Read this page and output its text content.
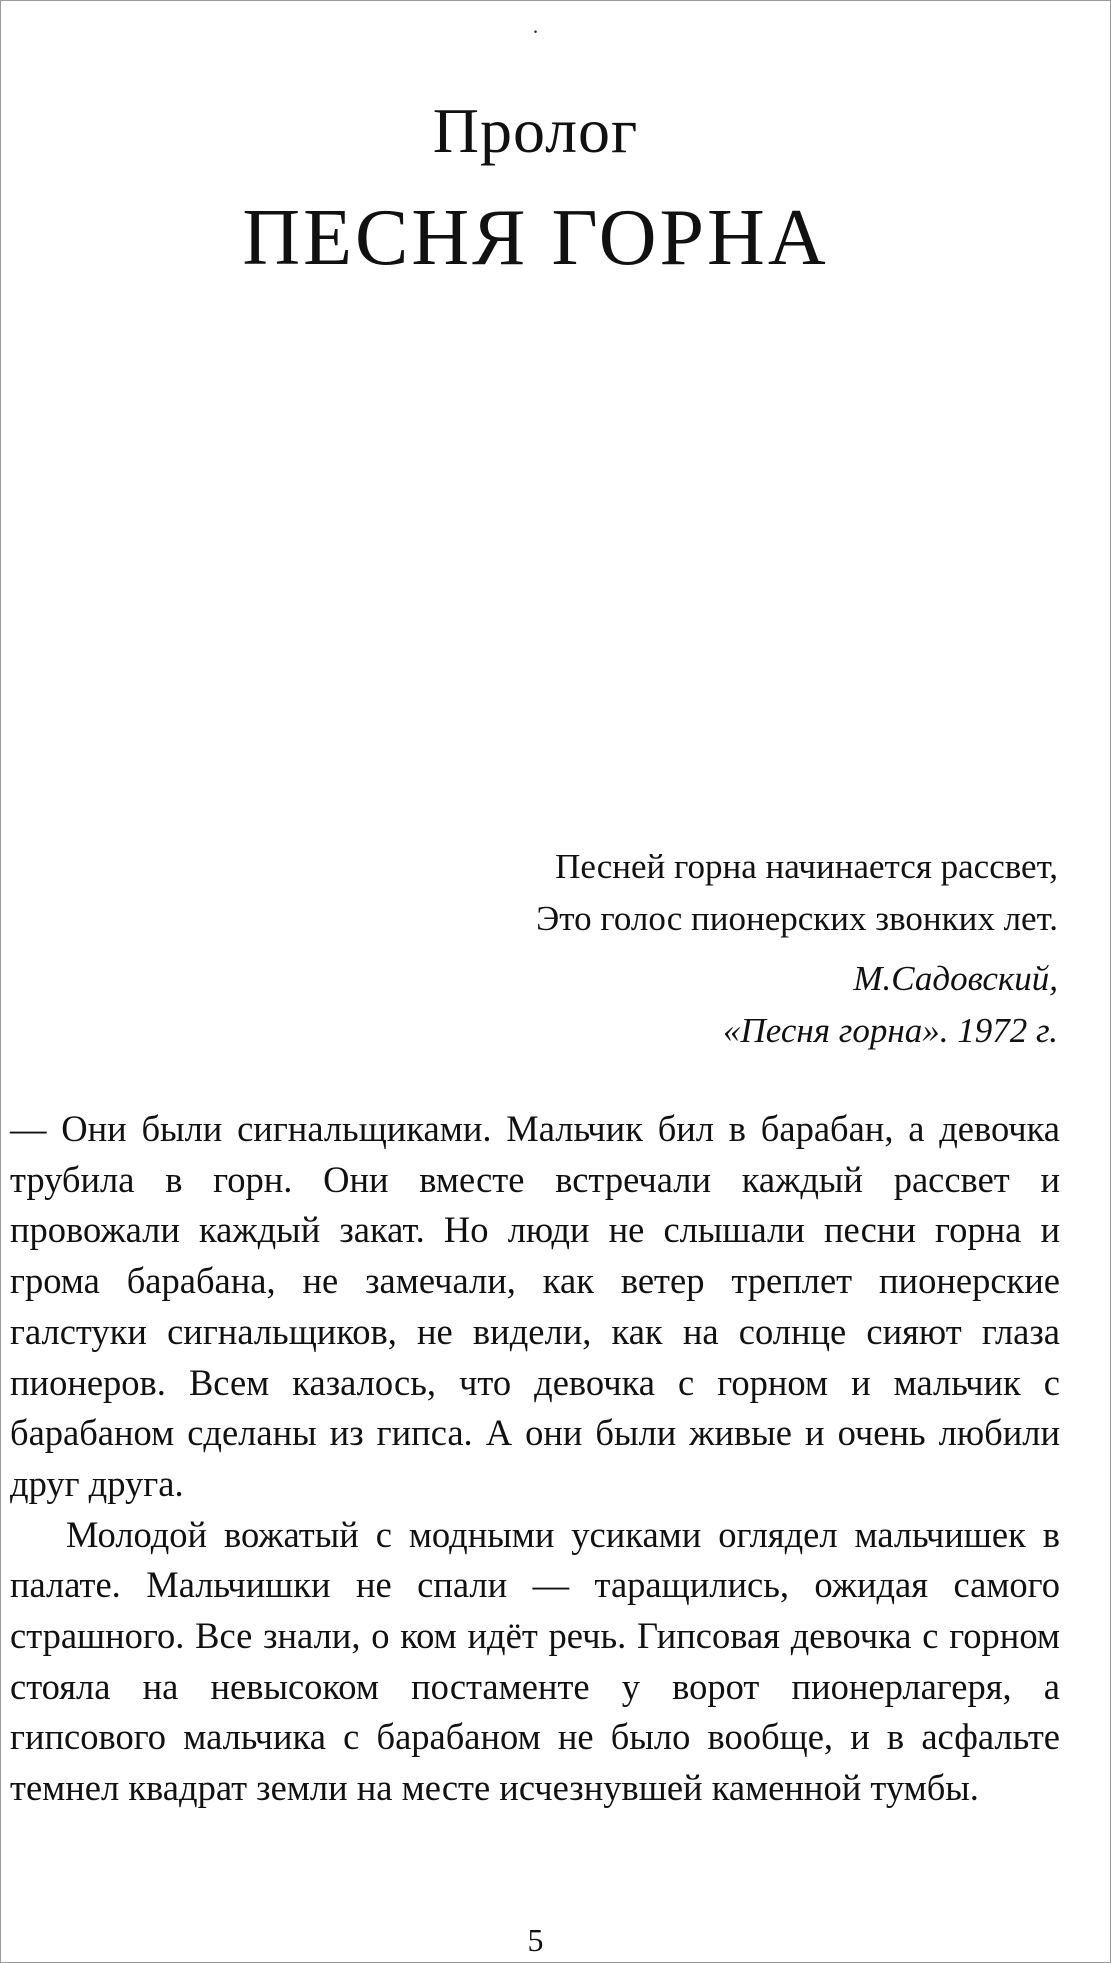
.
Пролог
ПЕСНЯ ГОРНА
Песней горна начинается рассвет,
Это голос пионерских звонких лет.
М.Садовский,
«Песня горна». 1972 г.

— Они были сигнальщиками. Мальчик бил в барабан, а девочка трубила в горн. Они вместе встречали каждый рассвет и провожали каждый закат. Но люди не слышали песни горна и грома барабана, не замечали, как ветер треплет пионерские галстуки сигнальщиков, не видели, как на солнце сияют глаза пионеров. Всем казалось, что девочка с горном и мальчик с барабаном сделаны из гипса. А они были живые и очень любили друг друга.

Молодой вожатый с модными усиками оглядел мальчишек в палате. Мальчишки не спали — таращились, ожидая самого страшного. Все знали, о ком идёт речь. Гипсовая девочка с горном стояла на невысоком постаменте у ворот пионерлагеря, а гипсового мальчика с барабаном не было вообще, и в асфальте темнел квадрат земли на месте исчезнувшей каменной тумбы.

5
